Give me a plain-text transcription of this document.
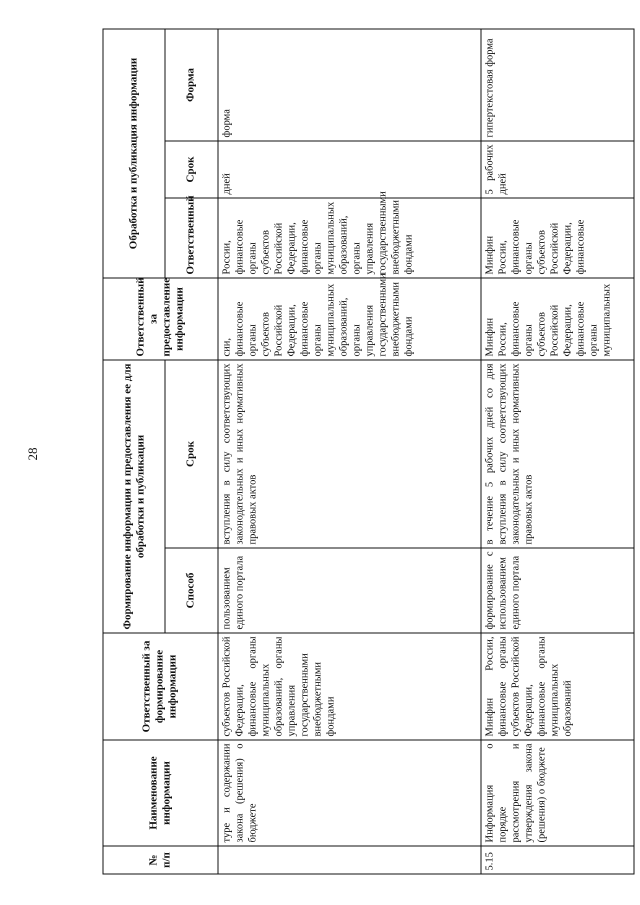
28
№ п/п	Наименование информации	Ответственный за формирование информации	Формирование информации и предоставления ее для обработки и публикации		Ответственный за предоставление информации	Обработка и публикация информации		
			Способ	Срок		Ответственный	Срок	Форма
	туре и содержании закона (решения) о бюджете	субъектов Российской Федерации, финансовые органы муниципальных образований, органы управления государственными внебюджетными фондами	пользованием единого портала	вступления в силу соответствующих законодательных и иных нормативных правовых актов	сии, финансовые органы субъектов Российской Федерации, финансовые органы муниципальных образований, органы управления государственными внебюджетными фондами	России, финансовые органы субъектов Российской Федерации, финансовые органы муниципальных образований, органы управления государственными внебюджетными фондами	дней	форма
5.15	Информация о порядке рассмотрения и утверждения закона (решения) о бюджете	Минфин России, финансовые органы субъектов Российской Федерации, финансовые органы муниципальных образований	формирование с использованием единого портала	в течение 5 рабочих дней со дня вступления в силу соответствующих законодательных и иных нормативных правовых актов	Минфин России, финансовые органы субъектов Российской Федерации, финансовые органы муниципальных	Минфин России, финансовые органы субъектов Российской Федерации, финансовые	5 рабочих дней	гипертекстовая форма
